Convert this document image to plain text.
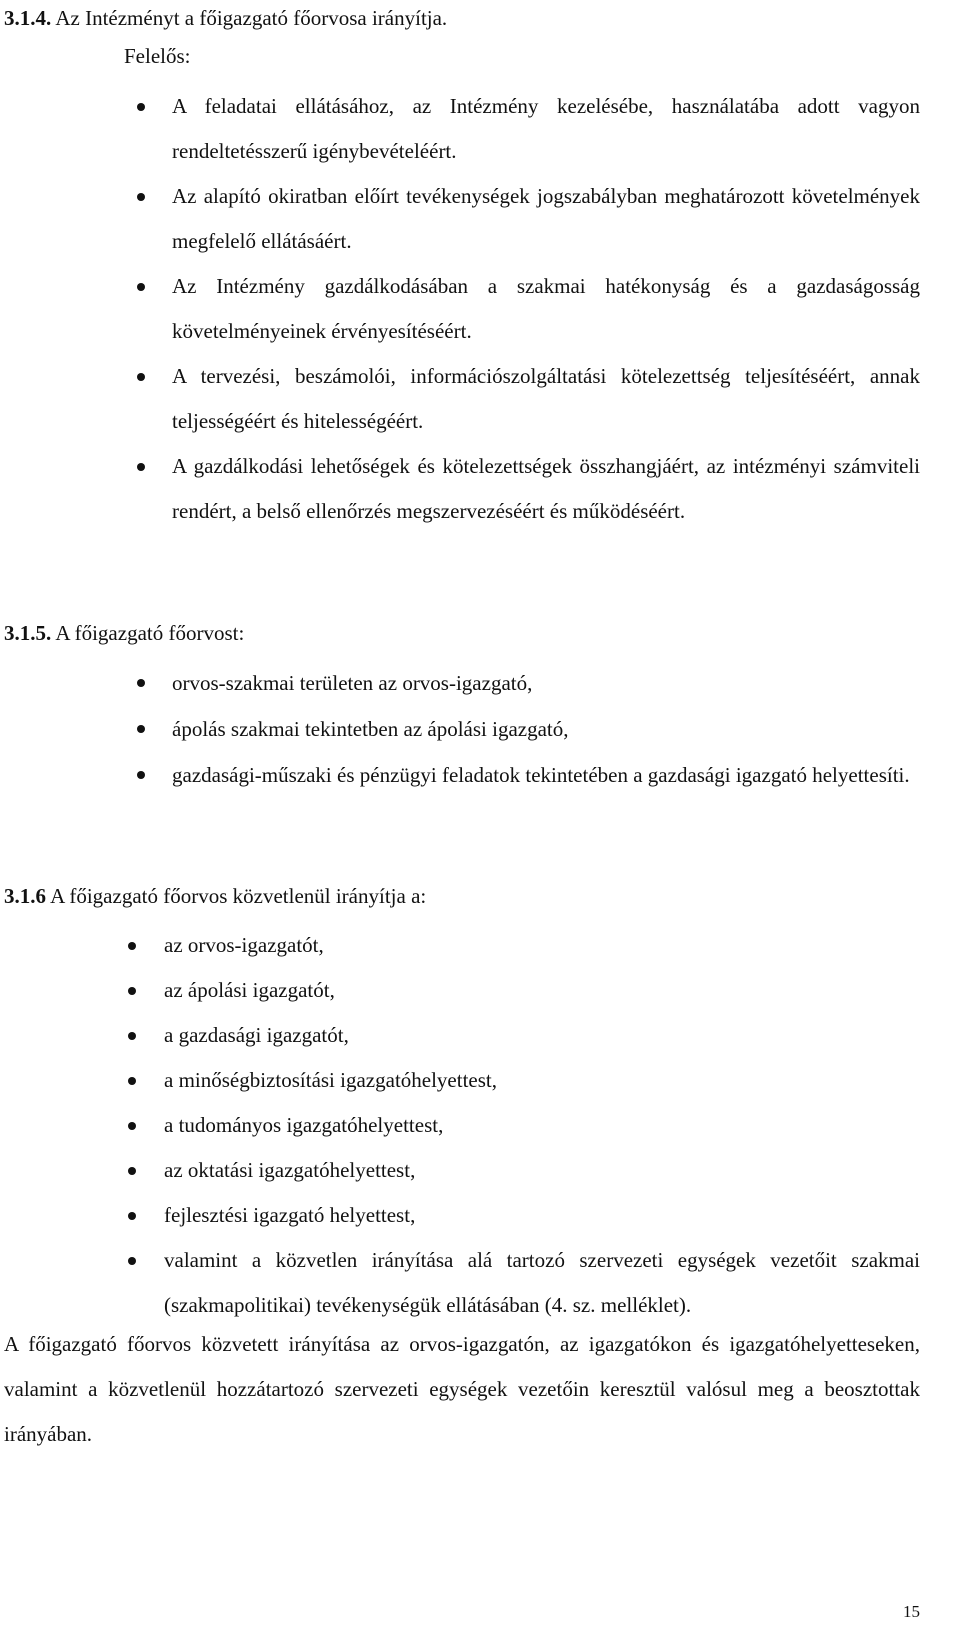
3.1.4. Az Intézményt a főigazgató főorvosa irányítja.
Felelős:
A feladatai ellátásához, az Intézmény kezelésébe, használatába adott vagyon rendeltetésszerű igénybevételéért.
Az alapító okiratban előírt tevékenységek jogszabályban meghatározott követelmények megfelelő ellátásáért.
Az Intézmény gazdálkodásában a szakmai hatékonyság és a gazdaságosság követelményeinek érvényesítéséért.
A tervezési, beszámolói, információszolgáltatási kötelezettség teljesítéséért, annak teljességéért és hitelességéért.
A gazdálkodási lehetőségek és kötelezettségek összhangjáért, az intézményi számviteli rendért, a belső ellenőrzés megszervezéséért és működéséért.
3.1.5. A főigazgató főorvost:
orvos-szakmai területen az orvos-igazgató,
ápolás szakmai tekintetben az ápolási igazgató,
gazdasági-műszaki és pénzügyi feladatok tekintetében a gazdasági igazgató helyettesíti.
3.1.6 A főigazgató főorvos közvetlenül irányítja a:
az orvos-igazgatót,
az ápolási igazgatót,
a gazdasági igazgatót,
a minőségbiztosítási igazgatóhelyettest,
a tudományos igazgatóhelyettest,
az oktatási igazgatóhelyettest,
fejlesztési igazgató helyettest,
valamint a közvetlen irányítása alá tartozó szervezeti egységek vezetőit szakmai (szakmapolitikai) tevékenységük ellátásában (4. sz. melléklet).

A főigazgató főorvos közvetett irányítása az orvos-igazgatón, az igazgatókon és igazgatóhelyetteseken, valamint a közvetlenül hozzátartozó szervezeti egységek vezetőin keresztül valósul meg a beosztottak irányában.

15
